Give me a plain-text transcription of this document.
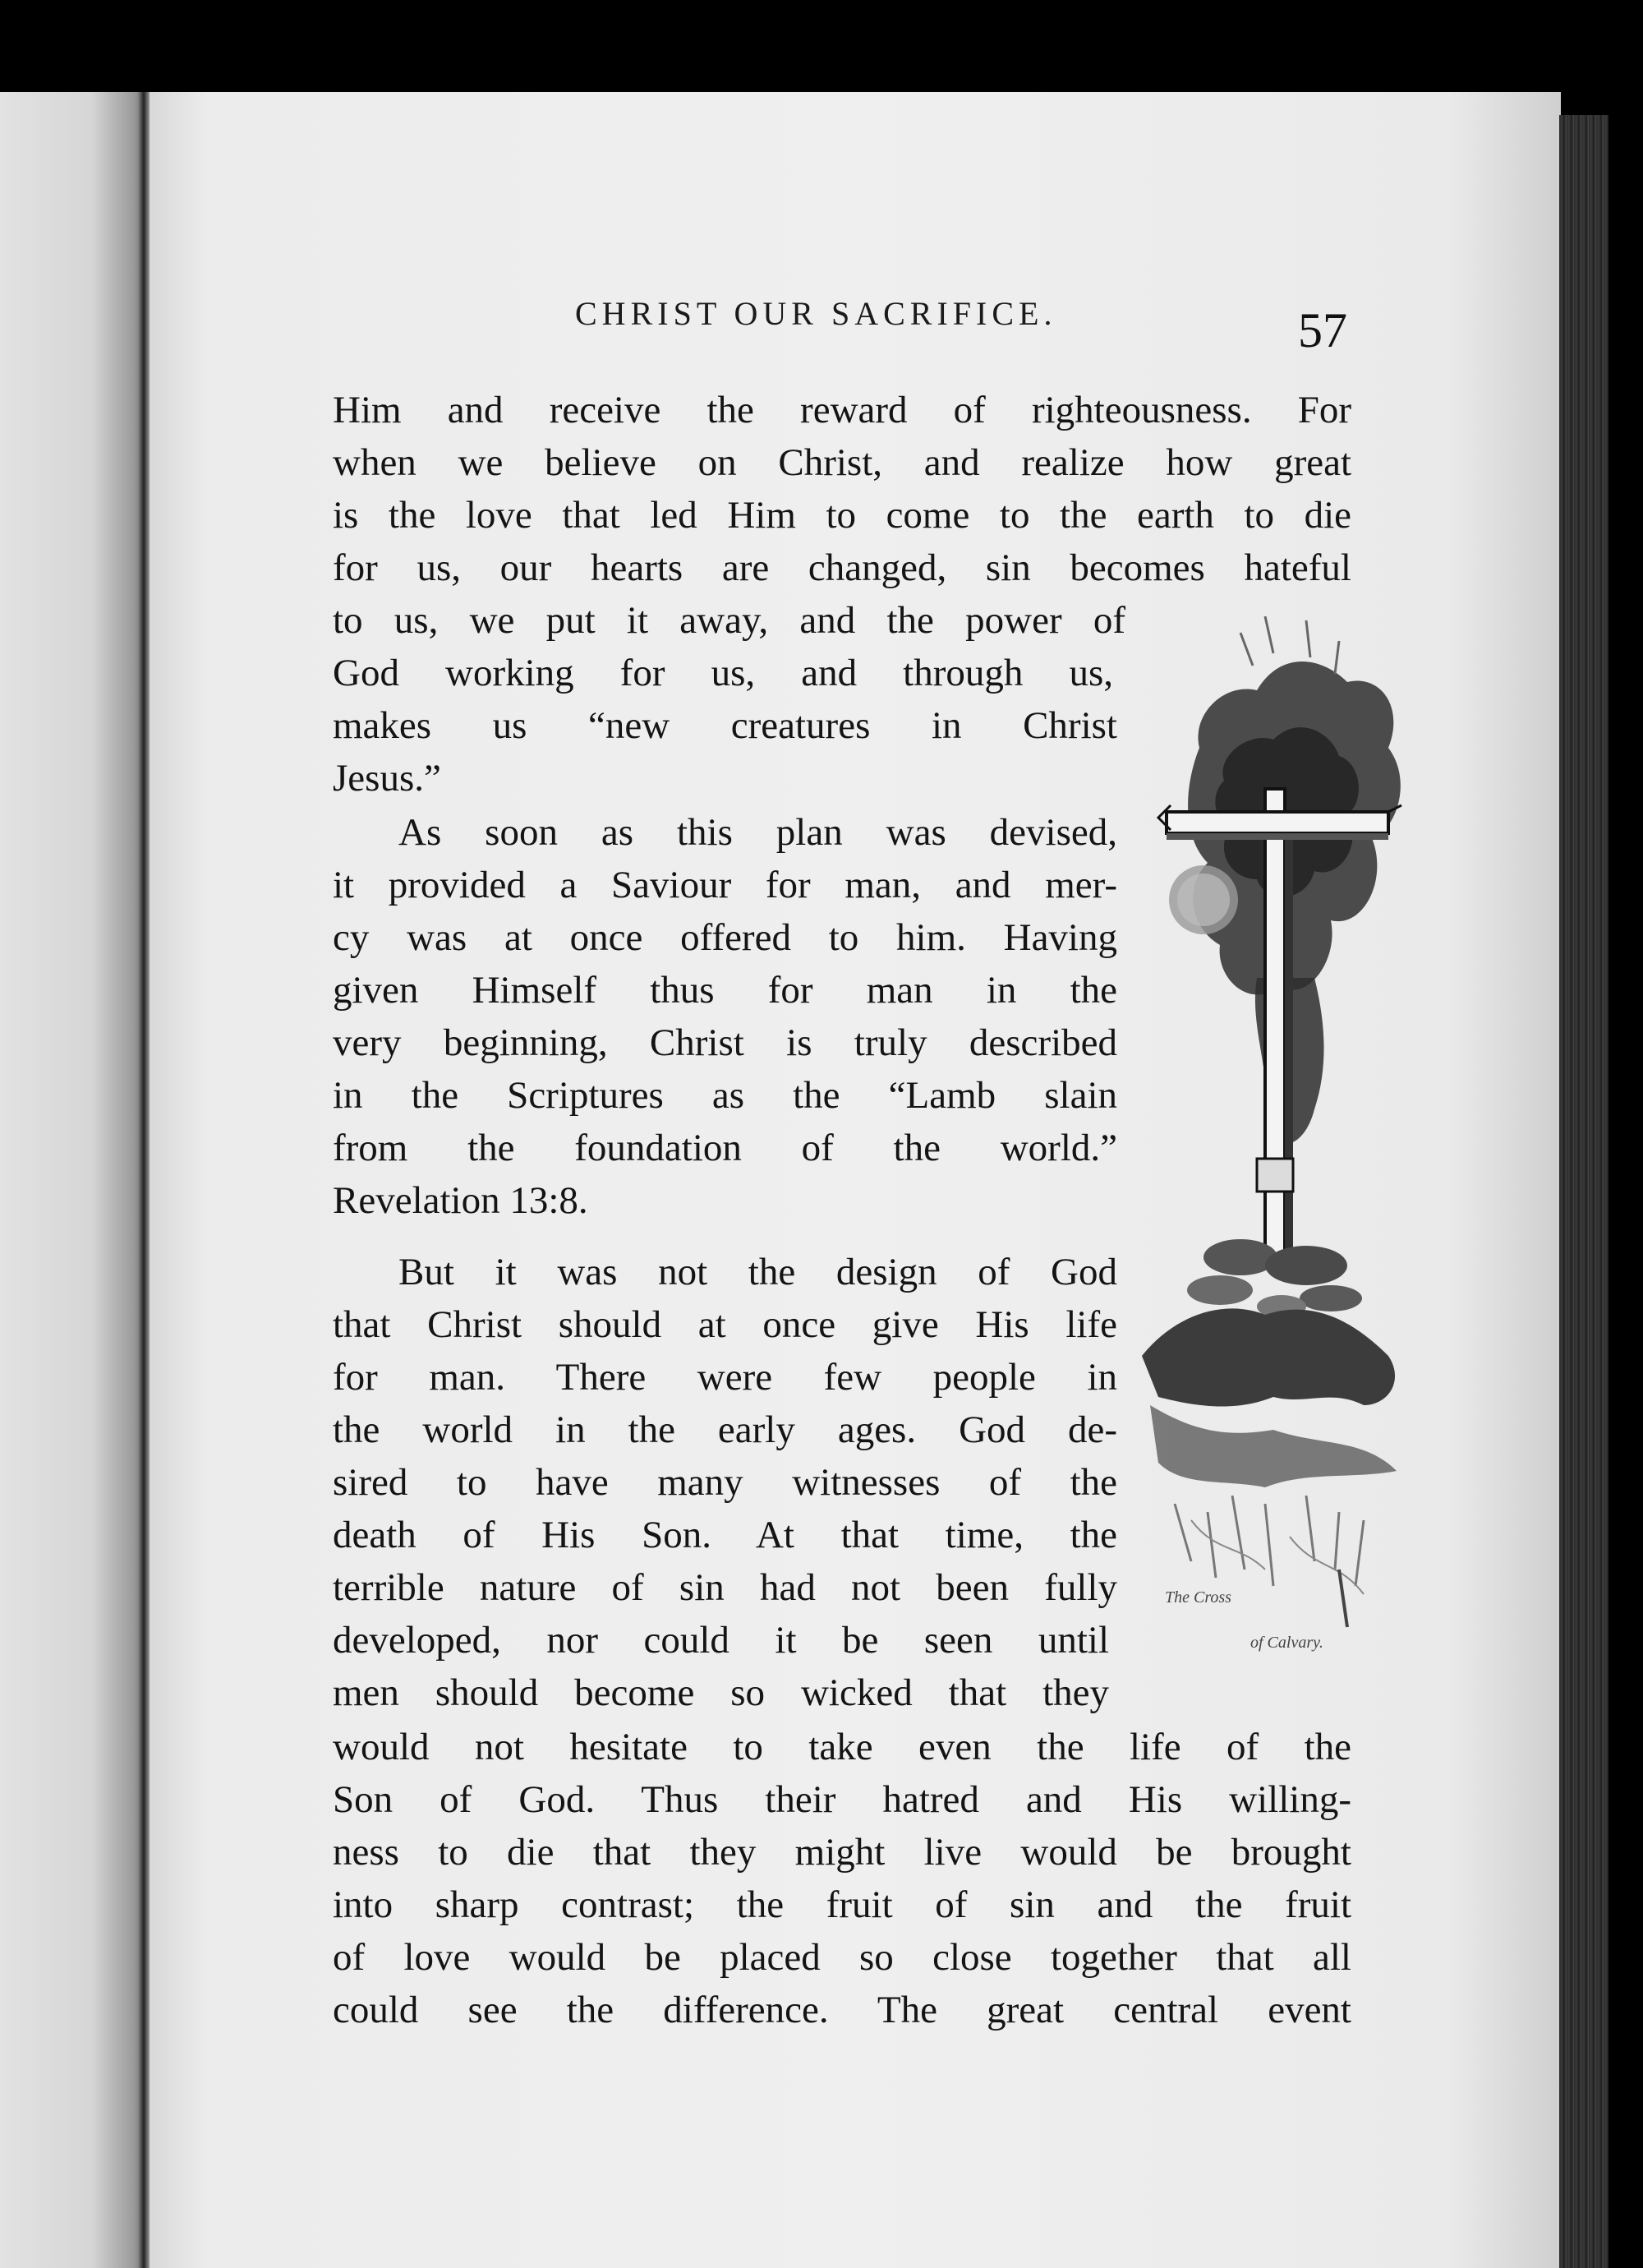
CHRIST OUR SACRIFICE.	57
Him and receive the reward of righteousness. For
when we believe on Christ, and realize how great
is the love that led Him to come to the earth to die
for us, our hearts are changed, sin becomes hateful
to us, we put it away, and the power of
God working for us, and through us,
makes us “new creatures in Christ
Jesus.”
As soon as this plan was devised,
it provided a Saviour for man, and mer-
cy was at once offered to him. Having
given Himself thus for man in the
very beginning, Christ is truly described
in the Scriptures as the “Lamb slain
from the foundation of the world.”
Revelation 13:8.
But it was not the design of God
that Christ should at once give His life
for man. There were few people in
the world in the early ages. God de-
sired to have many witnesses of the
death of His Son. At that time, the
terrible nature of sin had not been fully
developed, nor could it be seen until
men should become so wicked that they
would not hesitate to take even the life of the
Son of God. Thus their hatred and His willing-
ness to die that they might live would be brought
into sharp contrast; the fruit of sin and the fruit
of love would be placed so close together that all
could see the difference. The great central event
The Cross
of Calvary.
